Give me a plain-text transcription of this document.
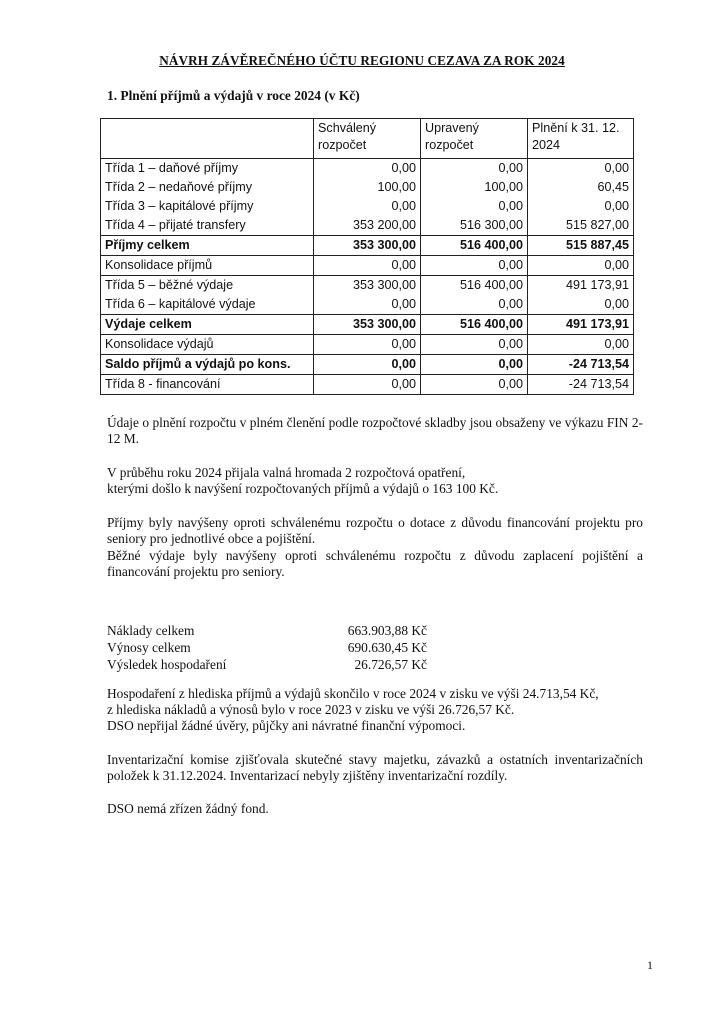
NÁVRH ZÁVĚREČNÉHO ÚČTU REGIONU CEZAVA ZA ROK 2024
1. Plnění příjmů a výdajů v roce 2024 (v Kč)
	Schválený rozpočet	Upravený rozpočet	Plnění k 31. 12. 2024
Třída 1 – daňové příjmy	0,00	0,00	0,00
Třída 2 – nedaňové příjmy	100,00	100,00	60,45
Třída 3 – kapitálové příjmy	0,00	0,00	0,00
Třída 4 – přijaté transfery	353 200,00	516 300,00	515 827,00
Příjmy celkem	353 300,00	516 400,00	515 887,45
Konsolidace příjmů	0,00	0,00	0,00
Třída 5 – běžné výdaje	353 300,00	516 400,00	491 173,91
Třída 6 – kapitálové výdaje	0,00	0,00	0,00
Výdaje celkem	353 300,00	516 400,00	491 173,91
Konsolidace výdajů	0,00	0,00	0,00
Saldo příjmů a výdajů po kons.	0,00	0,00	-24 713,54
Třída 8 - financování	0,00	0,00	-24 713,54
Údaje o plnění rozpočtu v plném členění podle rozpočtové skladby jsou obsaženy ve výkazu FIN 2-12 M.
V průběhu roku 2024 přijala valná hromada 2 rozpočtová opatření,
kterými došlo k navýšení rozpočtovaných příjmů a výdajů o 163 100 Kč.
Příjmy byly navýšeny oproti schválenému rozpočtu o dotace z důvodu financování projektu pro seniory pro jednotlivé obce a pojištění.
Běžné výdaje byly navýšeny oproti schválenému rozpočtu z důvodu zaplacení pojištění a financování projektu pro seniory.
Náklady celkem	663.903,88 Kč
Výnosy celkem	690.630,45 Kč
Výsledek hospodaření	26.726,57 Kč
Hospodaření z hlediska příjmů a výdajů skončilo v roce 2024 v zisku ve výši 24.713,54 Kč,
z hlediska nákladů a výnosů bylo v roce 2023 v zisku ve výši 26.726,57 Kč.
DSO nepřijal žádné úvěry, půjčky ani návratné finanční výpomoci.
Inventarizační komise zjišťovala skutečné stavy majetku, závazků a ostatních inventarizačních položek k 31.12.2024. Inventarizací nebyly zjištěny inventarizační rozdíly.
DSO nemá zřízen žádný fond.
1
